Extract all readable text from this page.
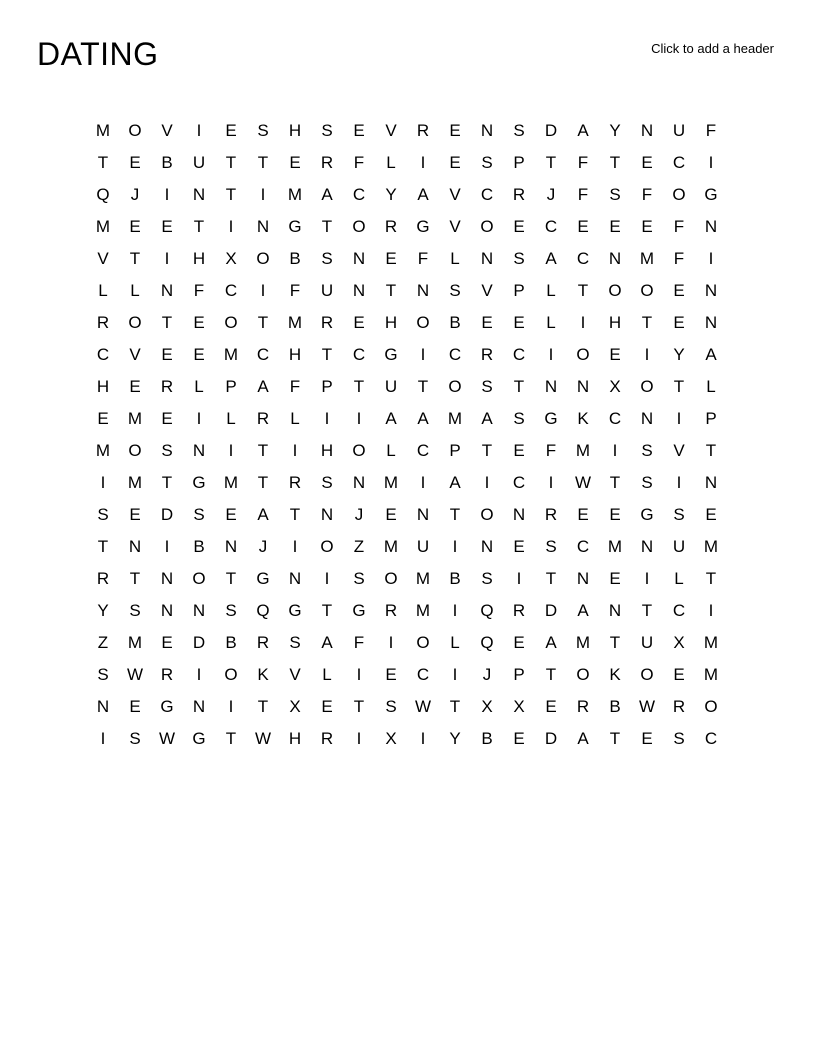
DATING	Click to add a header
M	O	V	I	E	S	H	S	E	V	R	E	N	S	D	A	Y	N	U	F
T	E	B	U	T	T	E	R	F	L	I	E	S	P	T	F	T	E	C	I
Q	J	I	N	T	I	M	A	C	Y	A	V	C	R	J	F	S	F	O	G
M	E	E	T	I	N	G	T	O	R	G	V	O	E	C	E	E	E	F	N
V	T	I	H	X	O	B	S	N	E	F	L	N	S	A	C	N	M	F	I
L	L	N	F	C	I	F	U	N	T	N	S	V	P	L	T	O	O	E	N
R	O	T	E	O	T	M	R	E	H	O	B	E	E	L	I	H	T	E	N
C	V	E	E	M	C	H	T	C	G	I	C	R	C	I	O	E	I	Y	A
H	E	R	L	P	A	F	P	T	U	T	O	S	T	N	N	X	O	T	L
E	M	E	I	L	R	L	I	I	A	A	M	A	S	G	K	C	N	I	P
M	O	S	N	I	T	I	H	O	L	C	P	T	E	F	M	I	S	V	T
I	M	T	G	M	T	R	S	N	M	I	A	I	C	I	W	T	S	I	N
S	E	D	S	E	A	T	N	J	E	N	T	O	N	R	E	E	G	S	E
T	N	I	B	N	J	I	O	Z	M	U	I	N	E	S	C	M	N	U	M
R	T	N	O	T	G	N	I	S	O	M	B	S	I	T	N	E	I	L	T
Y	S	N	N	S	Q	G	T	G	R	M	I	Q	R	D	A	N	T	C	I
Z	M	E	D	B	R	S	A	F	I	O	L	Q	E	A	M	T	U	X	M
S	W	R	I	O	K	V	L	I	E	C	I	J	P	T	O	K	O	E	M
N	E	G	N	I	T	X	E	T	S	W	T	X	X	E	R	B	W	R	O
I	S	W	G	T	W	H	R	I	X	I	Y	B	E	D	A	T	E	S	C
